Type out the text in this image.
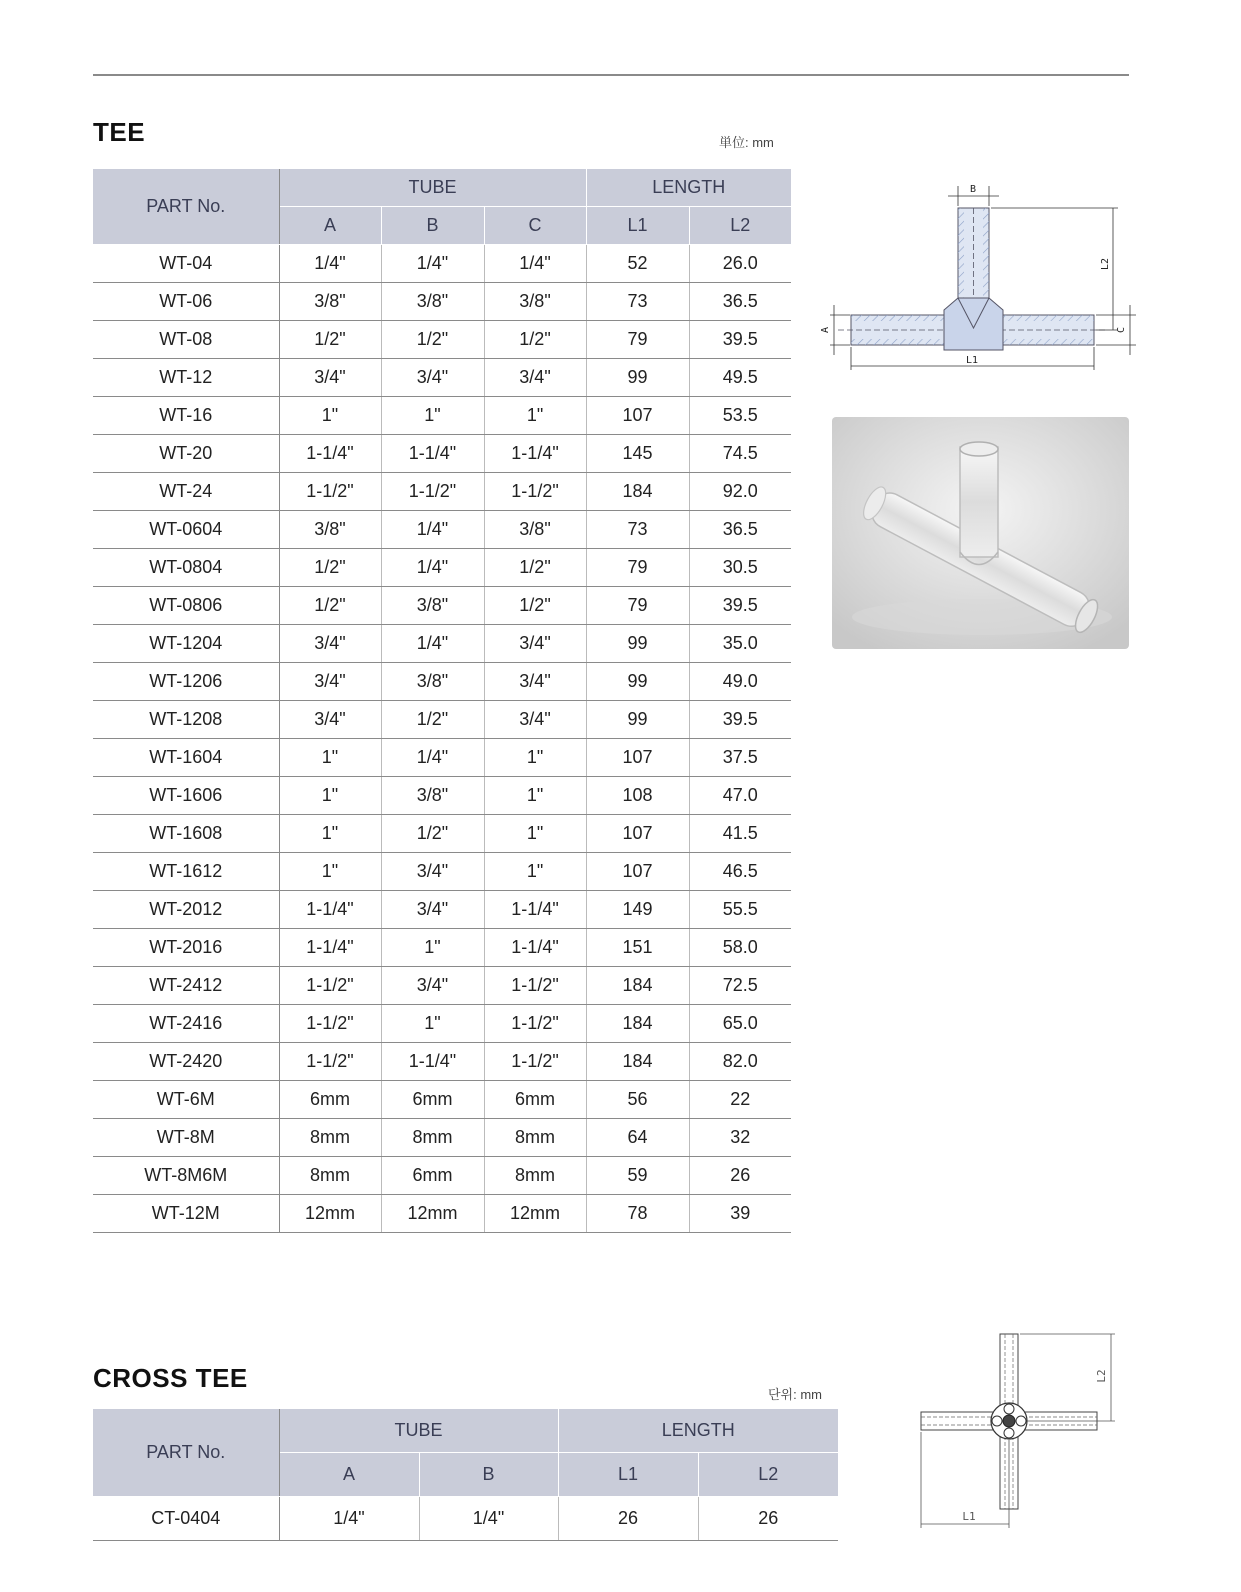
TEE	単位: mm
PART No.	TUBE			LENGTH	
	A	B	C	L1	L2
WT-04	1/4"	1/4"	1/4"	52	26.0
WT-06	3/8"	3/8"	3/8"	73	36.5
WT-08	1/2"	1/2"	1/2"	79	39.5
WT-12	3/4"	3/4"	3/4"	99	49.5
WT-16	1"	1"	1"	107	53.5
WT-20	1-1/4"	1-1/4"	1-1/4"	145	74.5
WT-24	1-1/2"	1-1/2"	1-1/2"	184	92.0
WT-0604	3/8"	1/4"	3/8"	73	36.5
WT-0804	1/2"	1/4"	1/2"	79	30.5
WT-0806	1/2"	3/8"	1/2"	79	39.5
WT-1204	3/4"	1/4"	3/4"	99	35.0
WT-1206	3/4"	3/8"	3/4"	99	49.0
WT-1208	3/4"	1/2"	3/4"	99	39.5
WT-1604	1"	1/4"	1"	107	37.5
WT-1606	1"	3/8"	1"	108	47.0
WT-1608	1"	1/2"	1"	107	41.5
WT-1612	1"	3/4"	1"	107	46.5
WT-2012	1-1/4"	3/4"	1-1/4"	149	55.5
WT-2016	1-1/4"	1"	1-1/4"	151	58.0
WT-2412	1-1/2"	3/4"	1-1/2"	184	72.5
WT-2416	1-1/2"	1"	1-1/2"	184	65.0
WT-2420	1-1/2"	1-1/4"	1-1/2"	184	82.0
WT-6M	6mm	6mm	6mm	56	22
WT-8M	8mm	8mm	8mm	64	32
WT-8M6M	8mm	6mm	8mm	59	26
WT-12M	12mm	12mm	12mm	78	39
B
L2
C
A
L1
CROSS TEE
단위: mm
PART No.	TUBE		LENGTH	
	A	B	L1	L2
CT-0404	1/4"	1/4"	26	26
L2
L1
